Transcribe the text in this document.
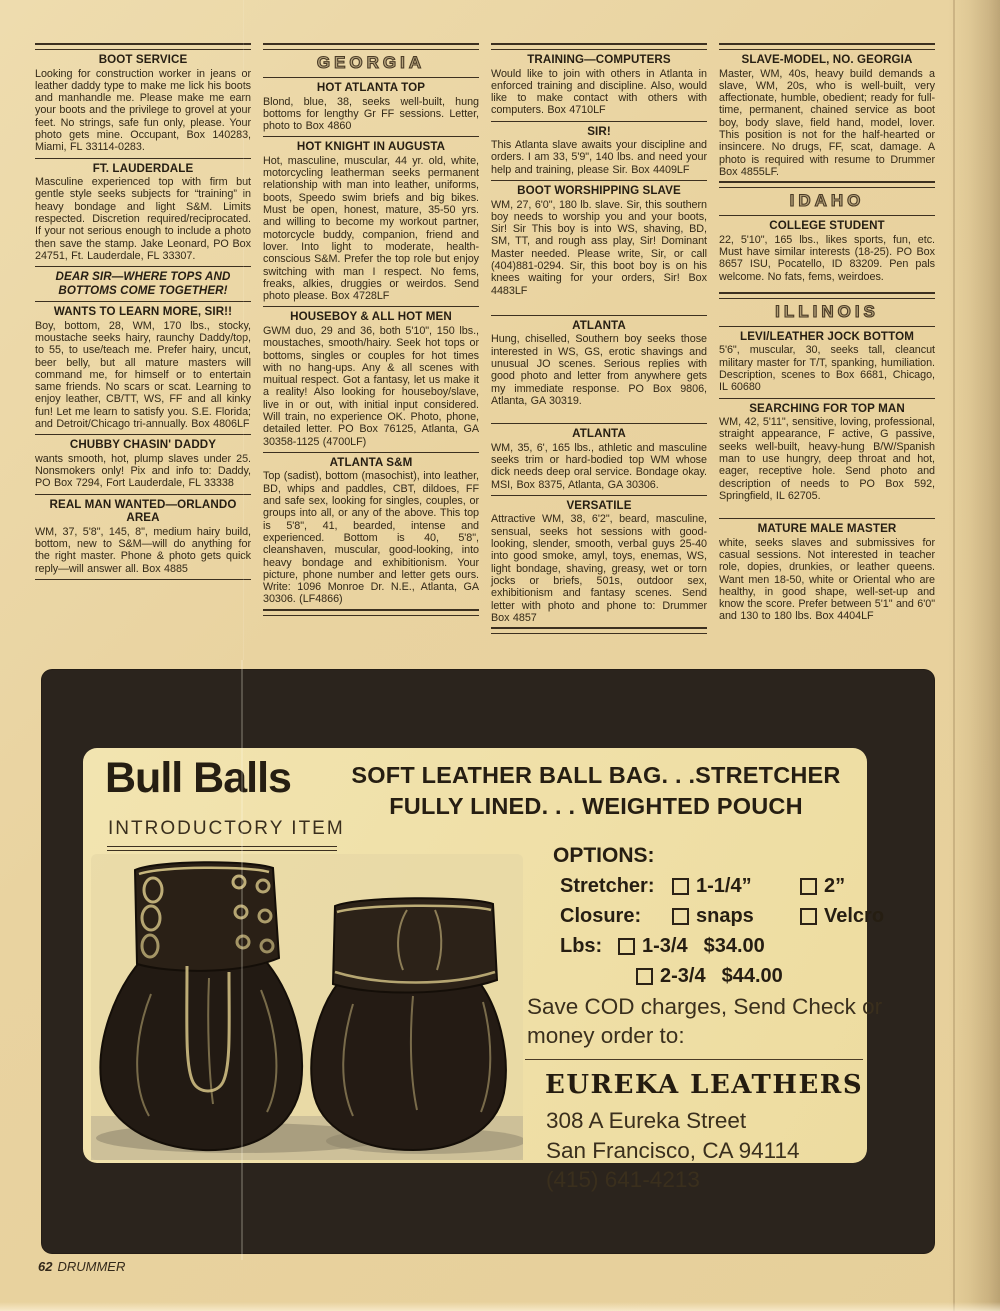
BOOT SERVICE
Looking for construction worker in jeans or leather daddy type to make me lick his boots and manhandle me. Please make me earn your boots and the privilege to grovel at your feet. No strings, safe fun only, please. Your photo gets mine. Occupant, Box 140283, Miami, FL 33114-0283.
FT. LAUDERDALE
Masculine experienced top with firm but gentle style seeks subjects for “training” in heavy bondage and light S&M. Limits respected. Discretion required/reciprocated. If your not serious enough to include a photo then save the stamp. Jake Leonard, PO Box 24751, Ft. Lauderdale, FL 33307.
DEAR SIR—WHERE TOPS AND BOTTOMS COME TOGETHER!
WANTS TO LEARN MORE, SIR!!
Boy, bottom, 28, WM, 170 lbs., stocky, moustache seeks hairy, raunchy Daddy/top, to 55, to use/teach me. Prefer hairy, uncut, beer belly, but all mature masters will command me, for himself or to entertain same friends. No scars or scat. Learning to enjoy leather, CB/TT, WS, FF and all kinky fun! Let me learn to satisfy you. S.E. Florida; and Detroit/Chicago tri-annually. Box 4806LF
CHUBBY CHASIN' DADDY
wants smooth, hot, plump slaves under 25. Nonsmokers only! Pix and info to: Daddy, PO Box 7294, Fort Lauderdale, FL 33338
REAL MAN WANTED—ORLANDO AREA
WM, 37, 5'8", 145, 8", medium hairy build, bottom, new to S&M—will do anything for the right master. Phone & photo gets quick reply—will answer all. Box 4885
GEORGIA
HOT ATLANTA TOP
Blond, blue, 38, seeks well-built, hung bottoms for lengthy Gr FF sessions. Letter, photo to Box 4860
HOT KNIGHT IN AUGUSTA
Hot, masculine, muscular, 44 yr. old, white, motorcycling leatherman seeks permanent relationship with man into leather, uniforms, boots, Speedo swim briefs and big bikes. Must be open, honest, mature, 35-50 yrs. and willing to become my workout partner, motorcycle buddy, companion, friend and lover. Into light to moderate, health-conscious S&M. Prefer the top role but enjoy switching with man I respect. No fems, freaks, alkies, druggies or weirdos. Send photo please. Box 4728LF
HOUSEBOY & ALL HOT MEN
GWM duo, 29 and 36, both 5'10", 150 lbs., moustaches, smooth/hairy. Seek hot tops or bottoms, singles or couples for hot times with no hang-ups. Any & all scenes with muitual respect. Got a fantasy, let us make it a reality! Also looking for houseboy/slave, live in or out, with initial input considered. Will train, no experience OK. Photo, phone, detailed letter. PO Box 76125, Atlanta, GA 30358-1125 (4700LF)
ATLANTA S&M
Top (sadist), bottom (masochist), into leather, BD, whips and paddles, CBT, dildoes, FF and safe sex, looking for singles, couples, or groups into all, or any of the above. This top is 5'8", 41, bearded, intense and experienced. Bottom is 40, 5'8", cleanshaven, muscular, good-looking, into heavy bondage and exhibitionism. Your picture, phone number and letter gets ours. Write: 1096 Monroe Dr. N.E., Atlanta, GA 30306. (LF4866)
TRAINING—COMPUTERS
Would like to join with others in Atlanta in enforced training and discipline. Also, would like to make contact with others with computers. Box 4710LF
SIR!
This Atlanta slave awaits your discipline and orders. I am 33, 5'9", 140 lbs. and need your help and training, please Sir. Box 4409LF
BOOT WORSHIPPING SLAVE
WM, 27, 6'0", 180 lb. slave. Sir, this southern boy needs to worship you and your boots, Sir! Sir This boy is into WS, shaving, BD, SM, TT, and rough ass play, Sir! Dominant Master needed. Please write, Sir, or call (404)881-0294. Sir, this boot boy is on his knees waiting for your orders, Sir! Box 4483LF
ATLANTA
Hung, chiselled, Southern boy seeks those interested in WS, GS, erotic shavings and unusual JO scenes. Serious replies with good photo and letter from anywhere gets my immediate response. PO Box 9806, Atlanta, GA 30319.
ATLANTA
WM, 35, 6', 165 lbs., athletic and masculine seeks trim or hard-bodied top WM whose dick needs deep oral service. Bondage okay. MSI, Box 8375, Atlanta, GA 30306.
VERSATILE
Attractive WM, 38, 6'2", beard, masculine, sensual, seeks hot sessions with good-looking, slender, smooth, verbal guys 25-40 into good smoke, amyl, toys, enemas, WS, light bondage, shaving, greasy, wet or torn jocks or briefs, 501s, outdoor sex, exhibitionism and fantasy scenes. Send letter with photo and phone to: Drummer Box 4857
SLAVE-MODEL, NO. GEORGIA
Master, WM, 40s, heavy build demands a slave, WM, 20s, who is well-built, very affectionate, humble, obedient; ready for full-time, permanent, chained service as boot boy, body slave, field hand, model, lover. This position is not for the half-hearted or insincere. No drugs, FF, scat, damage. A photo is required with resume to Drummer Box 4855LF.
IDAHO
COLLEGE STUDENT
22, 5'10", 165 lbs., likes sports, fun, etc. Must have similar interests (18-25). PO Box 8657 ISU, Pocatello, ID 83209. Pen pals welcome. No fats, fems, weirdoes.
ILLINOIS
LEVI/LEATHER JOCK BOTTOM
5'6", muscular, 30, seeks tall, cleancut military master for T/T, spanking, humiliation. Description, scenes to Box 6681, Chicago, IL 60680
SEARCHING FOR TOP MAN
WM, 42, 5'11", sensitive, loving, professional, straight appearance, F active, G passive, seeks well-built, heavy-hung B/W/Spanish man to use hungry, deep throat and hot, eager, receptive hole. Send photo and description of needs to PO Box 592, Springfield, IL 62705.
MATURE MALE MASTER
white, seeks slaves and submissives for casual sessions. Not interested in teacher role, dopies, drunkies, or leather queens. Want men 18-50, white or Oriental who are healthy, in good shape, well-set-up and know the score. Prefer between 5'1" and 6'0" and 130 to 180 lbs. Box 4404LF
Bull Balls
INTRODUCTORY ITEM
SOFT LEATHER BALL BAG. . .STRETCHER
FULLY LINED. . . WEIGHTED POUCH
OPTIONS:
Stretcher:	1-1/4”	2”
Closure:	snaps	Velcro
Lbs:	1-3/4 $34.00
2-3/4 $44.00
Save COD charges, Send Check or money order to:
EUREKA LEATHERS
308 A Eureka Street
San Francisco, CA 94114
(415) 641-4213
62 DRUMMER
